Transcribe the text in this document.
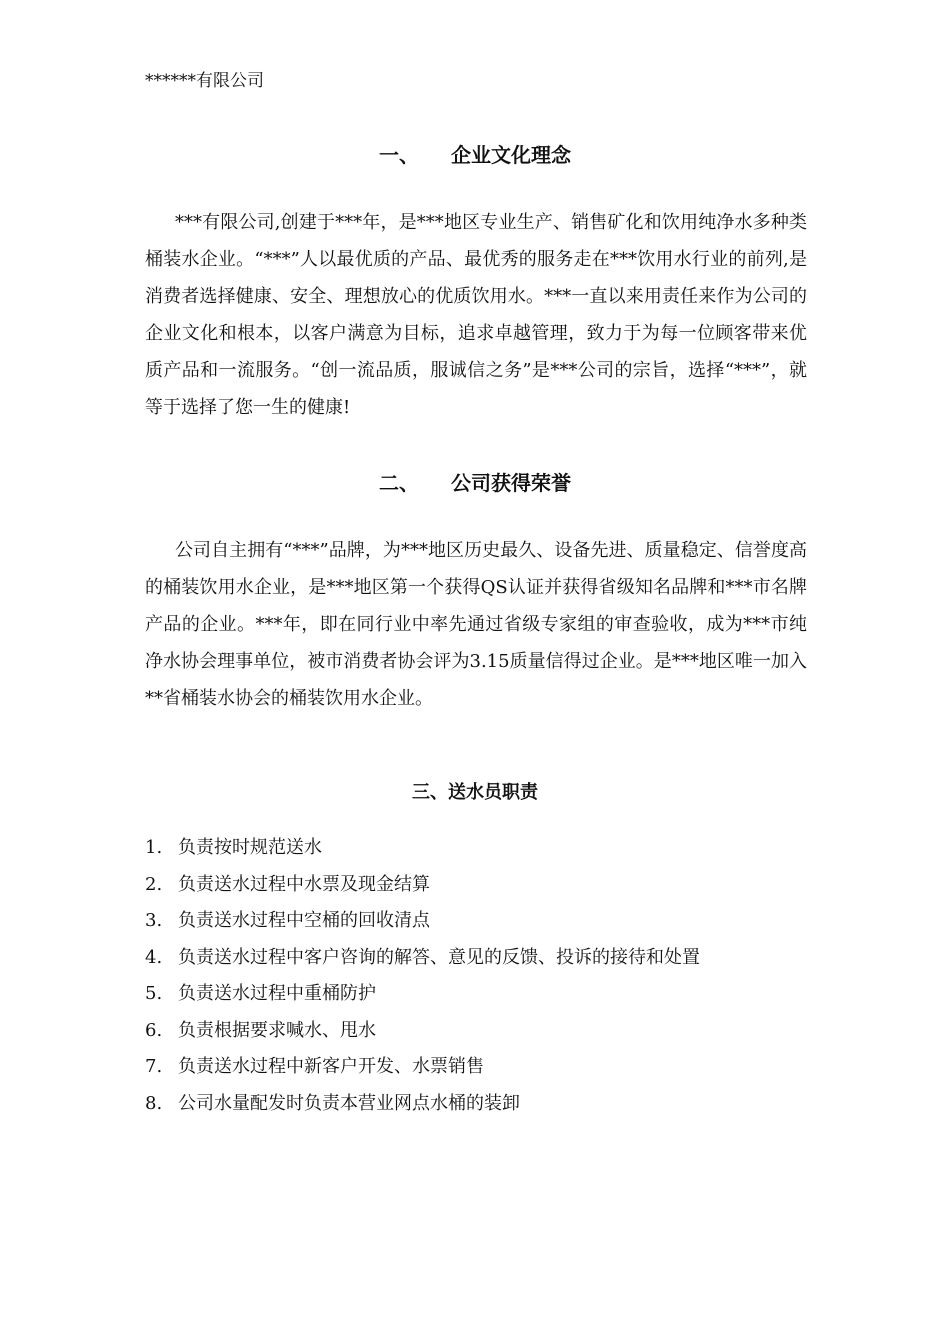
******有限公司
一、 企业文化理念

***有限公司,创建于***年，是***地区专业生产、销售矿化和饮用纯净水多种类桶装水企业。“***”人以最优质的产品、最优秀的服务走在***饮用水行业的前列,是消费者选择健康、安全、理想放心的优质饮用水。***一直以来用责任来作为公司的企业文化和根本，以客户满意为目标，追求卓越管理，致力于为每一位顾客带来优质产品和一流服务。“创一流品质，服诚信之务”是***公司的宗旨，选择“***”，就等于选择了您一生的健康!

二、 公司获得荣誉

公司自主拥有“***”品牌，为***地区历史最久、设备先进、质量稳定、信誉度高的桶装饮用水企业，是***地区第一个获得QS认证并获得省级知名品牌和***市名牌产品的企业。***年，即在同行业中率先通过省级专家组的审查验收，成为***市纯净水协会理事单位，被市消费者协会评为3.15质量信得过企业。是***地区唯一加入**省桶装水协会的桶装饮用水企业。

三、送水员职责
1. 负责按时规范送水
2. 负责送水过程中水票及现金结算
3. 负责送水过程中空桶的回收清点
4. 负责送水过程中客户咨询的解答、意见的反馈、投诉的接待和处置
5. 负责送水过程中重桶防护
6. 负责根据要求喊水、甩水
7. 负责送水过程中新客户开发、水票销售
8. 公司水量配发时负责本营业网点水桶的装卸
